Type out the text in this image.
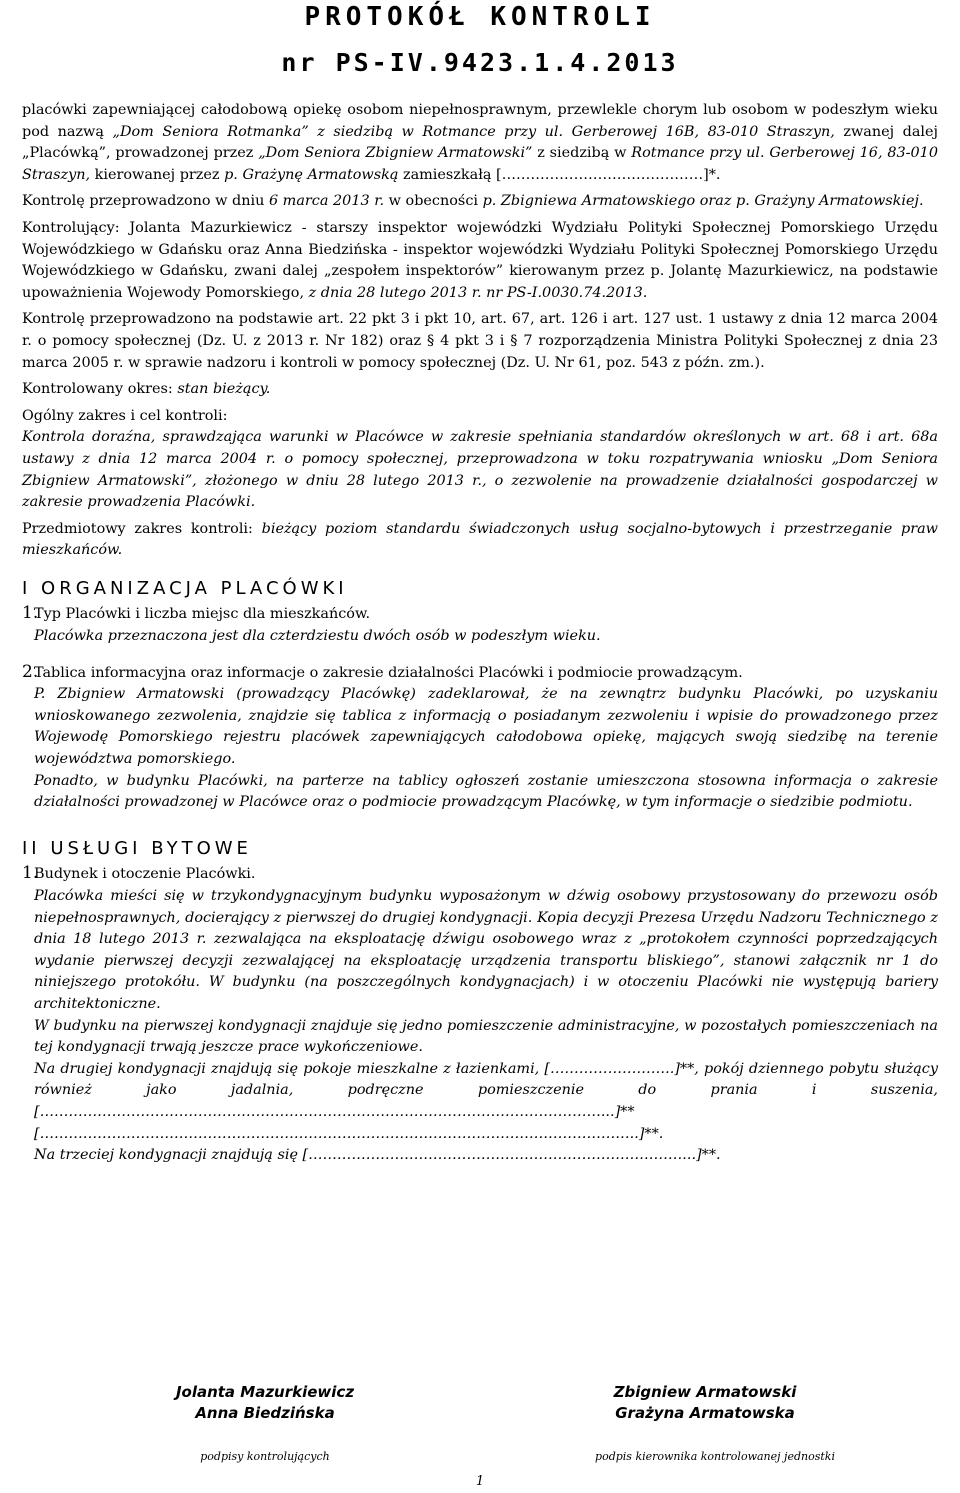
PROTOKÓŁ KONTROLI
nr PS-IV.9423.1.4.2013

placówki zapewniającej całodobową opiekę osobom niepełnosprawnym, przewlekle chorym lub osobom w podeszłym wieku pod nazwą „Dom Seniora Rotmanka” z siedzibą w Rotmance przy ul. Gerberowej 16B, 83-010 Straszyn, zwanej dalej „Placówką”, prowadzonej przez „Dom Seniora Zbigniew Armatowski” z siedzibą w Rotmance przy ul. Gerberowej 16, 83-010 Straszyn, kierowanej przez p. Grażynę Armatowską zamieszkałą [……………………………………]*.

Kontrolę przeprowadzono w dniu 6 marca 2013 r. w obecności p. Zbigniewa Armatowskiego oraz p. Grażyny Armatowskiej.

Kontrolujący: Jolanta Mazurkiewicz - starszy inspektor wojewódzki Wydziału Polityki Społecznej Pomorskiego Urzędu Wojewódzkiego w Gdańsku oraz Anna Biedzińska - inspektor wojewódzki Wydziału Polityki Społecznej Pomorskiego Urzędu Wojewódzkiego w Gdańsku, zwani dalej „zespołem inspektorów” kierowanym przez p. Jolantę Mazurkiewicz, na podstawie upoważnienia Wojewody Pomorskiego, z dnia 28 lutego 2013 r. nr PS-I.0030.74.2013.

Kontrolę przeprowadzono na podstawie art. 22 pkt 3 i pkt 10, art. 67, art. 126 i art. 127 ust. 1 ustawy z dnia 12 marca 2004 r. o pomocy społecznej (Dz. U. z 2013 r. Nr 182) oraz § 4 pkt 3 i § 7 rozporządzenia Ministra Polityki Społecznej z dnia 23 marca 2005 r. w sprawie nadzoru i kontroli w pomocy społecznej (Dz. U. Nr 61, poz. 543 z późn. zm.).

Kontrolowany okres: stan bieżący.

Ogólny zakres i cel kontroli:

Kontrola doraźna, sprawdzająca warunki w Placówce w zakresie spełniania standardów określonych w art. 68 i art. 68a ustawy z dnia 12 marca 2004 r. o pomocy społecznej, przeprowadzona w toku rozpatrywania wniosku „Dom Seniora Zbigniew Armatowski”, złożonego w dniu 28 lutego 2013 r., o zezwolenie na prowadzenie działalności gospodarczej w zakresie prowadzenia Placówki.

Przedmiotowy zakres kontroli: bieżący poziom standardu świadczonych usług socjalno-bytowych i przestrzeganie praw mieszkańców.

I ORGANIZACJA PLACÓWKI
1.
Typ Placówki i liczba miejsc dla mieszkańców.

Placówka przeznaczona jest dla czterdziestu dwóch osób w podeszłym wieku.

2.
Tablica informacyjna oraz informacje o zakresie działalności Placówki i podmiocie prowadzącym.

P. Zbigniew Armatowski (prowadzący Placówkę) zadeklarował, że na zewnątrz budynku Placówki, po uzyskaniu wnioskowanego zezwolenia, znajdzie się tablica z informacją o posiadanym zezwoleniu i wpisie do prowadzonego przez Wojewodę Pomorskiego rejestru placówek zapewniających całodobowa opiekę, mających swoją siedzibę na terenie województwa pomorskiego.

Ponadto, w budynku Placówki, na parterze na tablicy ogłoszeń zostanie umieszczona stosowna informacja o zakresie działalności prowadzonej w Placówce oraz o podmiocie prowadzącym Placówkę, w tym informacje o siedzibie podmiotu.

II USŁUGI BYTOWE
1.
Budynek i otoczenie Placówki.

Placówka mieści się w trzykondygnacyjnym budynku wyposażonym w dźwig osobowy przystosowany do przewozu osób niepełnosprawnych, docierający z pierwszej do drugiej kondygnacji. Kopia decyzji Prezesa Urzędu Nadzoru Technicznego z dnia 18 lutego 2013 r. zezwalająca na eksploatację dźwigu osobowego wraz z „protokołem czynności poprzedzających wydanie pierwszej decyzji zezwalającej na eksploatację urządzenia transportu bliskiego”, stanowi załącznik nr 1 do niniejszego protokółu. W budynku (na poszczególnych kondygnacjach) i w otoczeniu Placówki nie występują bariery architektoniczne.

W budynku na pierwszej kondygnacji znajduje się jedno pomieszczenie administracyjne, w pozostałych pomieszczeniach na tej kondygnacji trwają jeszcze prace wykończeniowe.

Na drugiej kondygnacji znajdują się pokoje mieszkalne z łazienkami, [……………………..]**, pokój dziennego pobytu służący również jako jadalnia, podręczne pomieszczenie do prania i suszenia, [………………………………………………………………………………………………………...]** [……………………………………………………………………………………………………………..]**.

Na trzeciej kondygnacji znajdują się [……………………………………………………………………...]**.

Jolanta Mazurkiewicz
Anna Biedzińska
Zbigniew Armatowski
Grażyna Armatowska
podpisy kontrolujących	podpis kierownika kontrolowanej jednostki
1
